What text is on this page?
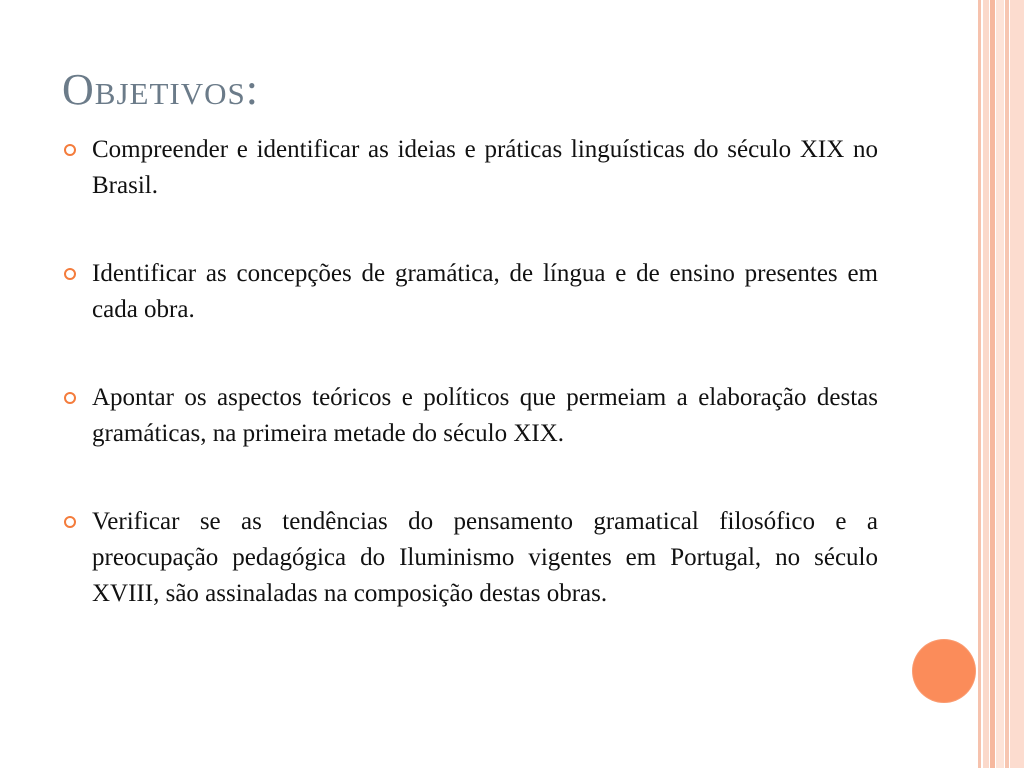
Objetivos:
Compreender e identificar as ideias e práticas linguísticas do século XIX no Brasil.
Identificar as concepções de gramática, de língua e de ensino presentes em cada obra.
Apontar os aspectos teóricos e políticos que permeiam a elaboração destas gramáticas, na primeira metade do século XIX.
Verificar se as tendências do pensamento gramatical filosófico e a preocupação pedagógica do Iluminismo vigentes em Portugal, no século XVIII, são assinaladas na composição destas obras.
